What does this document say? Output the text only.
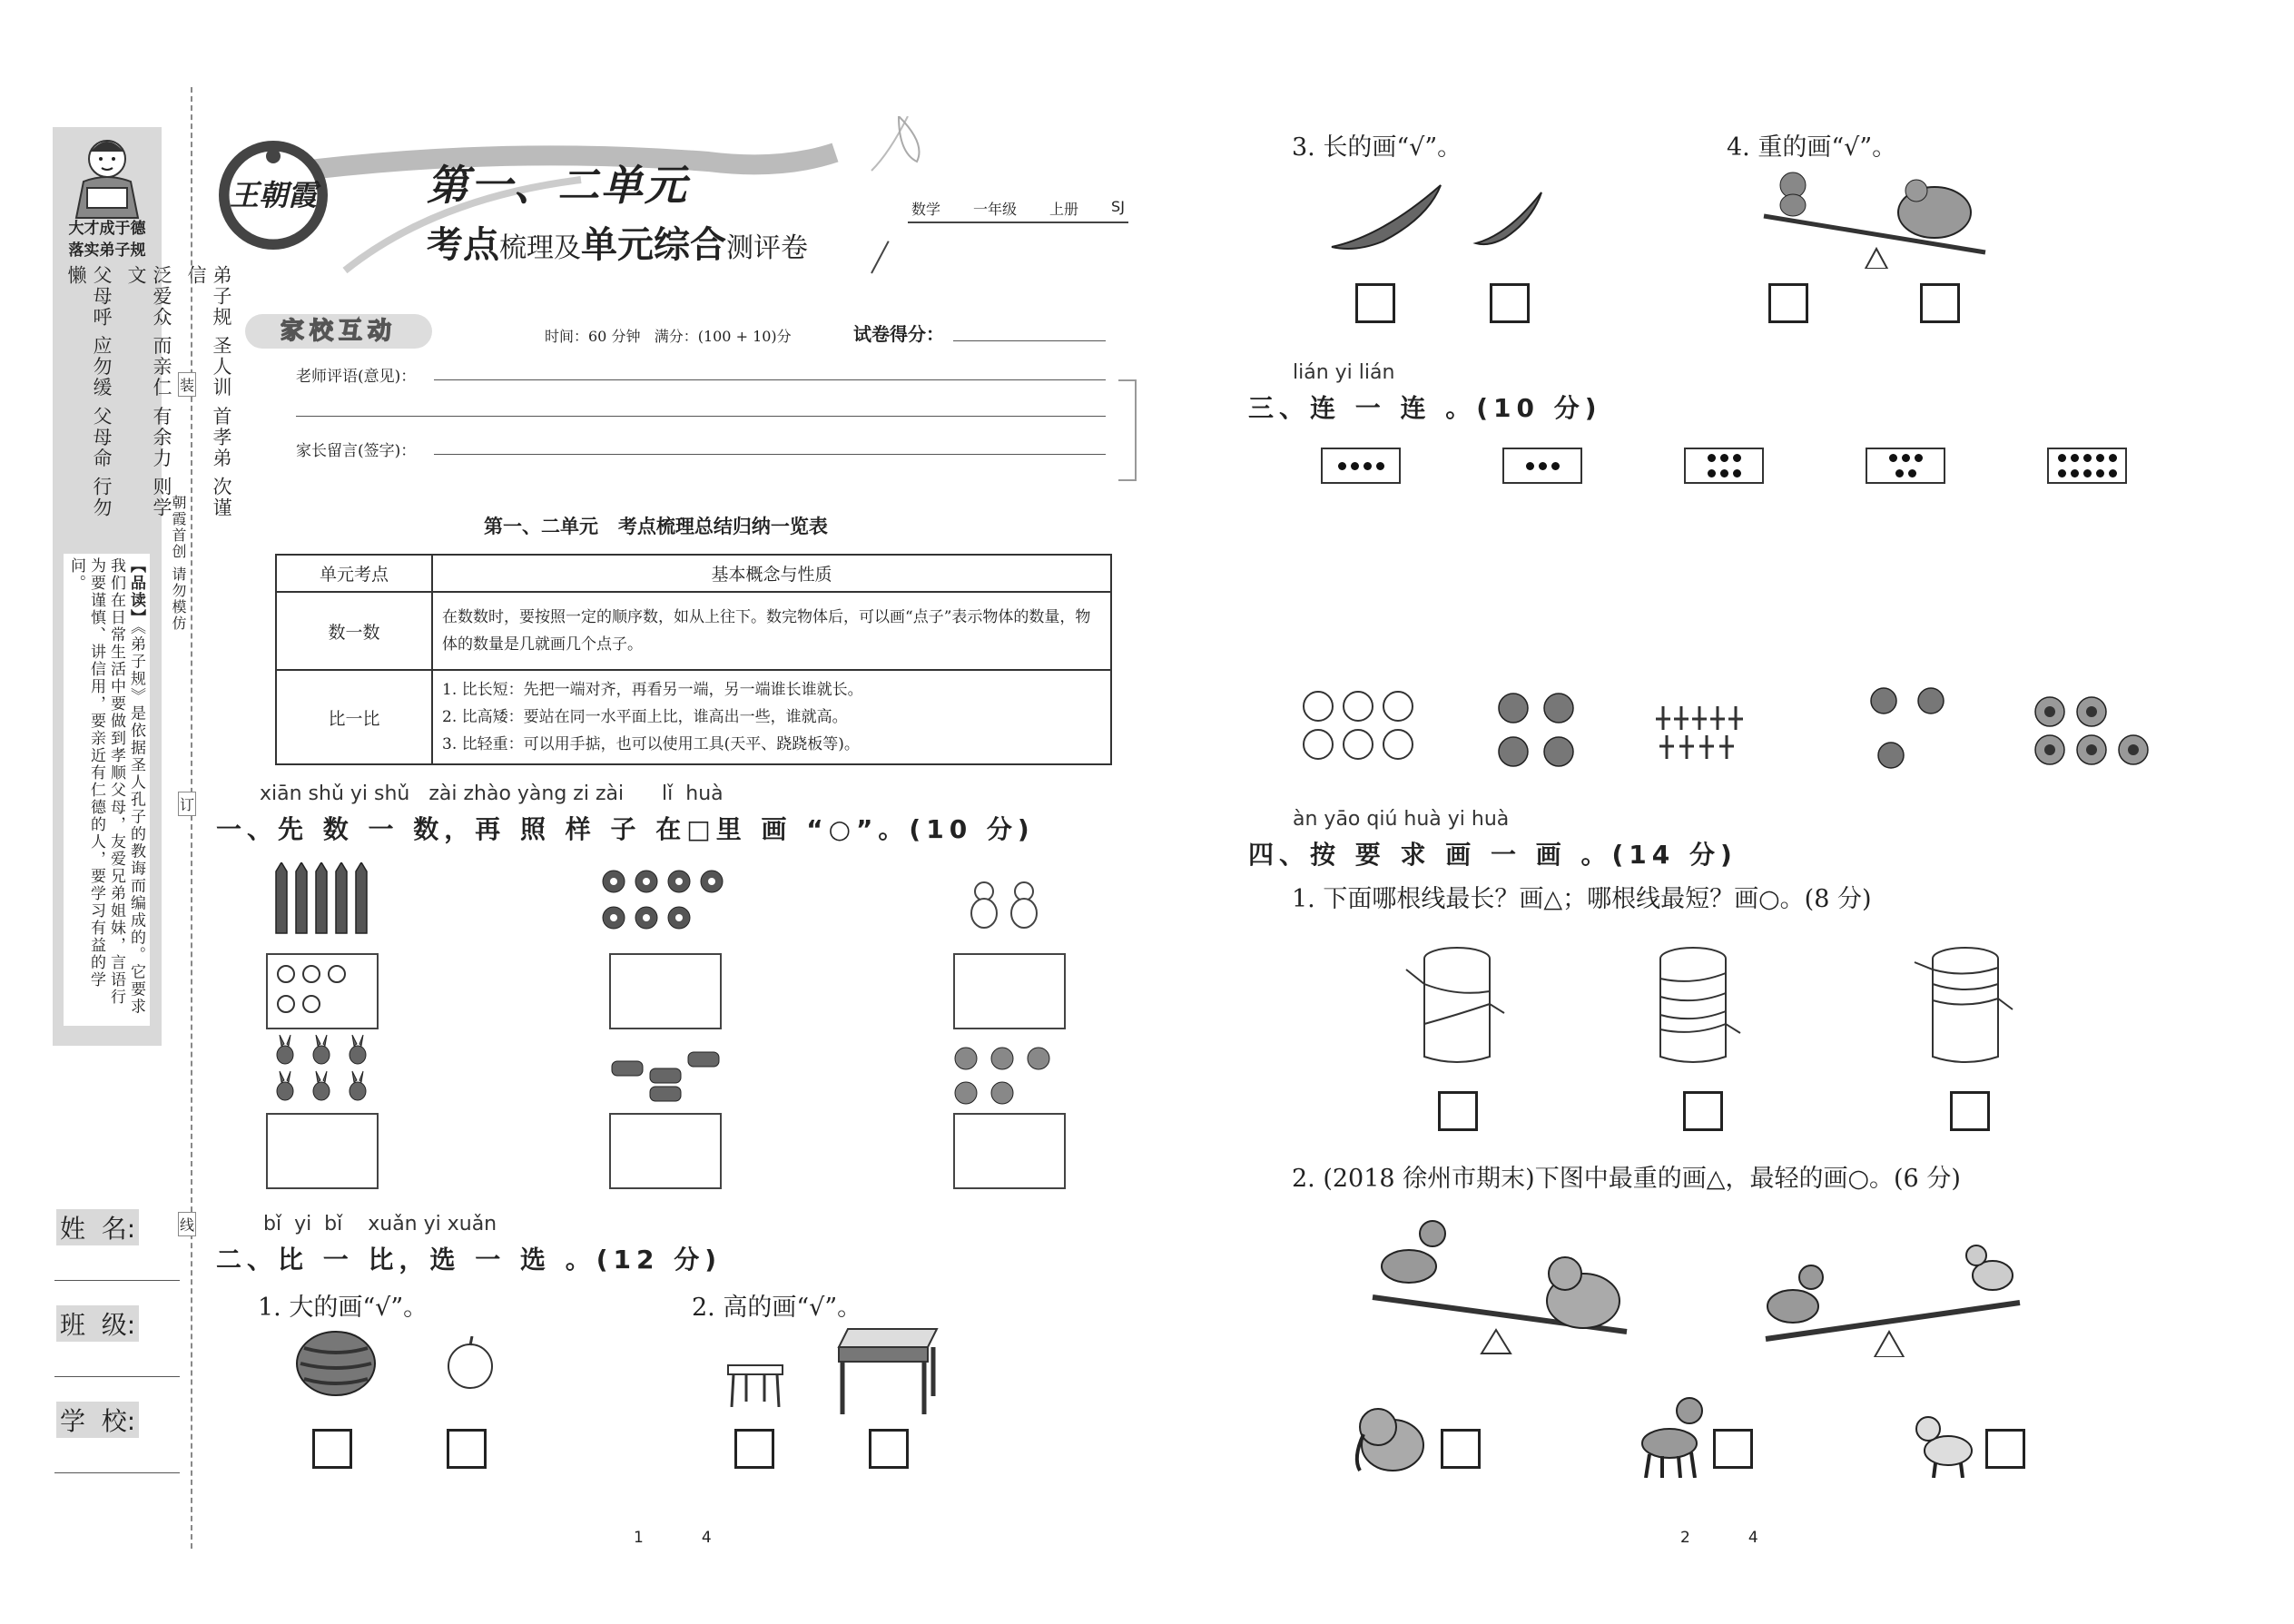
大才成于德
落实弟子规
弟子规 圣人训 首孝弟 次谨信
泛爱众 而亲仁 有余力 则学文
父母呼 应勿缓 父母命 行勿懒
【品读】《弟子规》是依据圣人孔子的教诲而编成的。它要求我们在日常生活中要做到孝顺父母，友爱兄弟姐妹，言语行为要谨慎、讲信用，要亲近有仁德的人，要学习有益的学问。
装
订
线
朝霞首创 请勿模仿
姓  名:
班  级:
学  校:
王朝霞	第一、二单元
考点梳理及单元综合测评卷
数学 一年级 上册 SJ
家校互动	时间：60 分钟   满分：(100 + 10)分	试卷得分：
老师评语(意见)：
家长留言(签字)：
第一、二单元   考点梳理总结归纳一览表
单元考点	基本概念与性质
数一数	在数数时，要按照一定的顺序数，如从上往下。数完物体后，可以画“点子”表示物体的数量，物体的数量是几就画几个点子。
比一比	1. 比长短：先把一端对齐，再看另一端，另一端谁长谁就长。
2. 比高矮：要站在同一水平面上比，谁高出一些，谁就高。
3. 比轻重：可以用手掂，也可以使用工具(天平、跷跷板等)。
xiān shǔ yi shǔ   zài zhào yàng zi zài      lǐ  huà
一、先 数 一 数，再 照 样 子 在□里 画 “○”。(10 分)
bǐ  yi  bǐ    xuǎn yi xuǎn
二、比 一 比，选 一 选 。(12 分)
1. 大的画“√”。	2. 高的画“√”。
3. 长的画“√”。	4. 重的画“√”。
lián yi lián
三、连 一 连 。(10 分)
àn yāo qiú huà yi huà
四、按 要 求 画 一 画 。(14 分)
1. 下面哪根线最长？画△；哪根线最短？画○。(8 分)
2. (2018 徐州市期末)下图中最重的画△，最轻的画○。(6 分)
1	4	2	4
